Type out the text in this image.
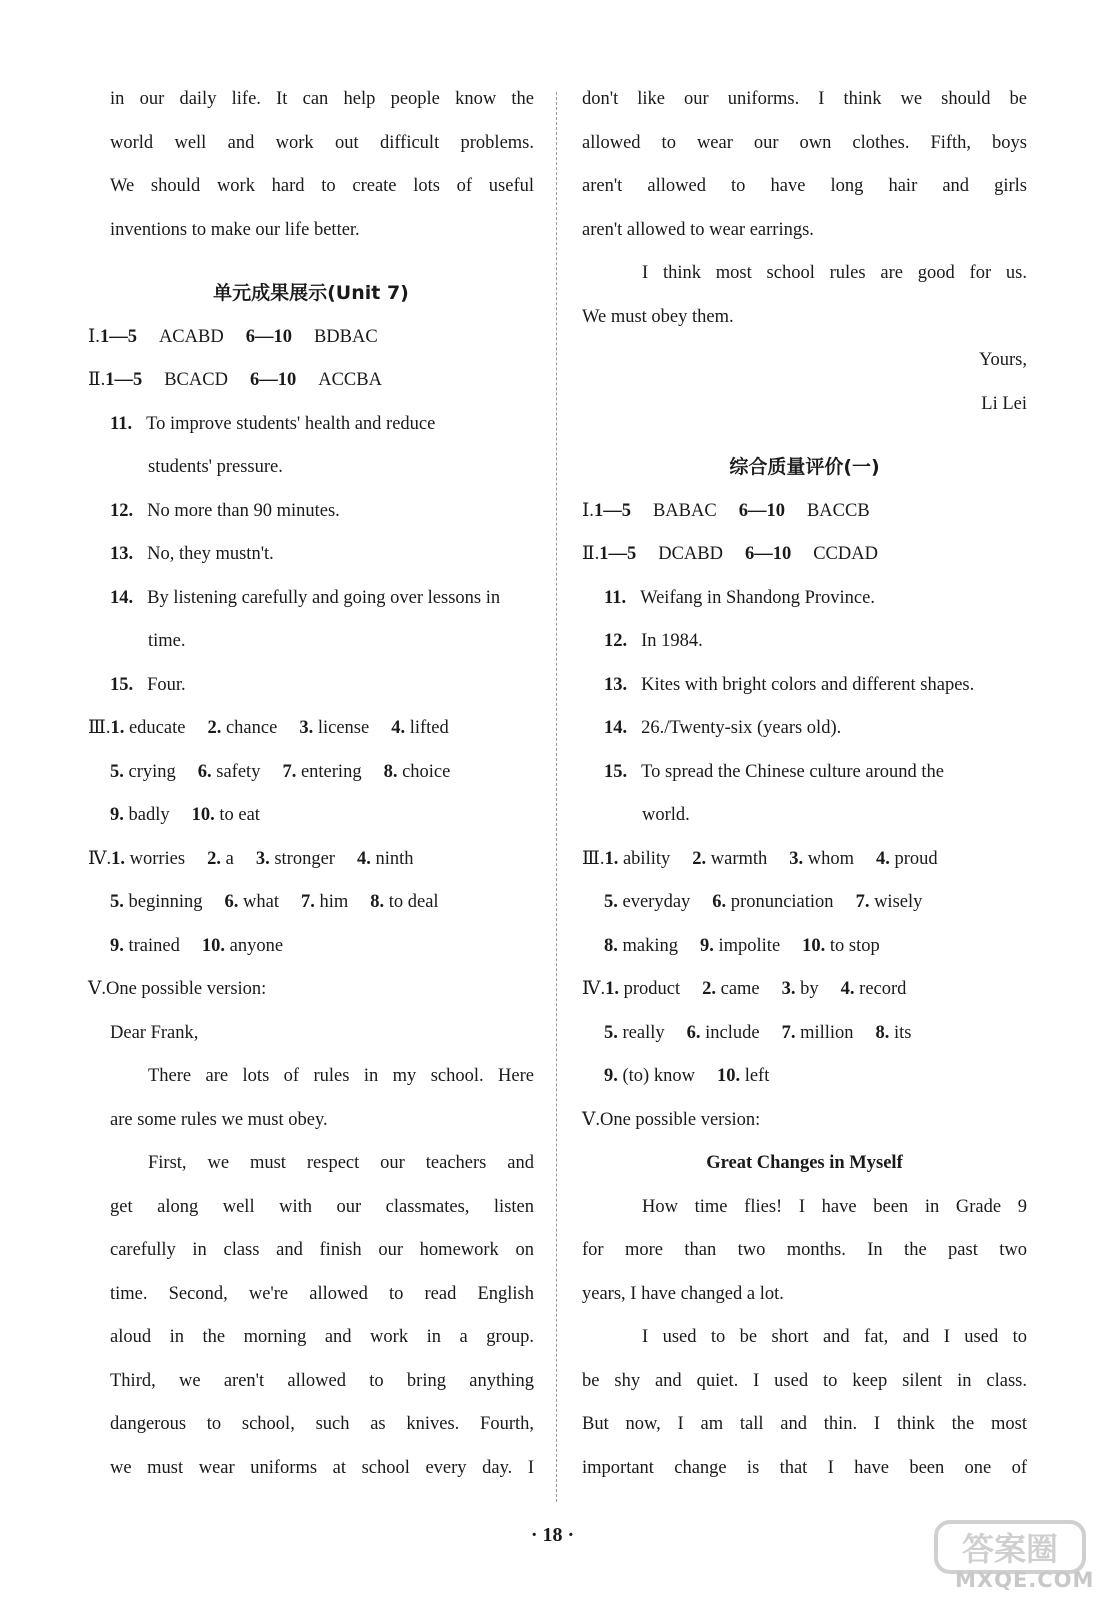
in our daily life. It can help people know the
world well and work out difficult problems.
We should work hard to create lots of useful
inventions to make our life better.
单元成果展示(Unit 7)
Ⅰ.1—5 ACABD 6—10 BDBAC
Ⅱ.1—5 BCACD 6—10 ACCBA
11. To improve students' health and reduce
students' pressure.
12. No more than 90 minutes.
13. No, they mustn't.
14. By listening carefully and going over lessons in
time.
15. Four.
Ⅲ.1. educate 2. chance 3. license 4. lifted
5. crying 6. safety 7. entering 8. choice
9. badly 10. to eat
Ⅳ.1. worries 2. a 3. stronger 4. ninth
5. beginning 6. what 7. him 8. to deal
9. trained 10. anyone
Ⅴ.One possible version:
Dear Frank,
There are lots of rules in my school. Here
are some rules we must obey.
First, we must respect our teachers and
get along well with our classmates, listen
carefully in class and finish our homework on
time. Second, we're allowed to read English
aloud in the morning and work in a group.
Third, we aren't allowed to bring anything
dangerous to school, such as knives. Fourth,
we must wear uniforms at school every day. I
don't like our uniforms. I think we should be
allowed to wear our own clothes. Fifth, boys
aren't allowed to have long hair and girls
aren't allowed to wear earrings.
I think most school rules are good for us.
We must obey them.
Yours,
Li Lei
综合质量评价(一)
Ⅰ.1—5 BABAC 6—10 BACCB
Ⅱ.1—5 DCABD 6—10 CCDAD
11. Weifang in Shandong Province.
12. In 1984.
13. Kites with bright colors and different shapes.
14. 26./Twenty-six (years old).
15. To spread the Chinese culture around the
world.
Ⅲ.1. ability 2. warmth 3. whom 4. proud
5. everyday 6. pronunciation 7. wisely
8. making 9. impolite 10. to stop
Ⅳ.1. product 2. came 3. by 4. record
5. really 6. include 7. million 8. its
9. (to) know 10. left
Ⅴ.One possible version:
Great Changes in Myself
How time flies! I have been in Grade 9
for more than two months. In the past two
years, I have changed a lot.
I used to be short and fat, and I used to
be shy and quiet. I used to keep silent in class.
But now, I am tall and thin. I think the most
important change is that I have been one of
· 18 ·	答案圈
MXQE.COM
